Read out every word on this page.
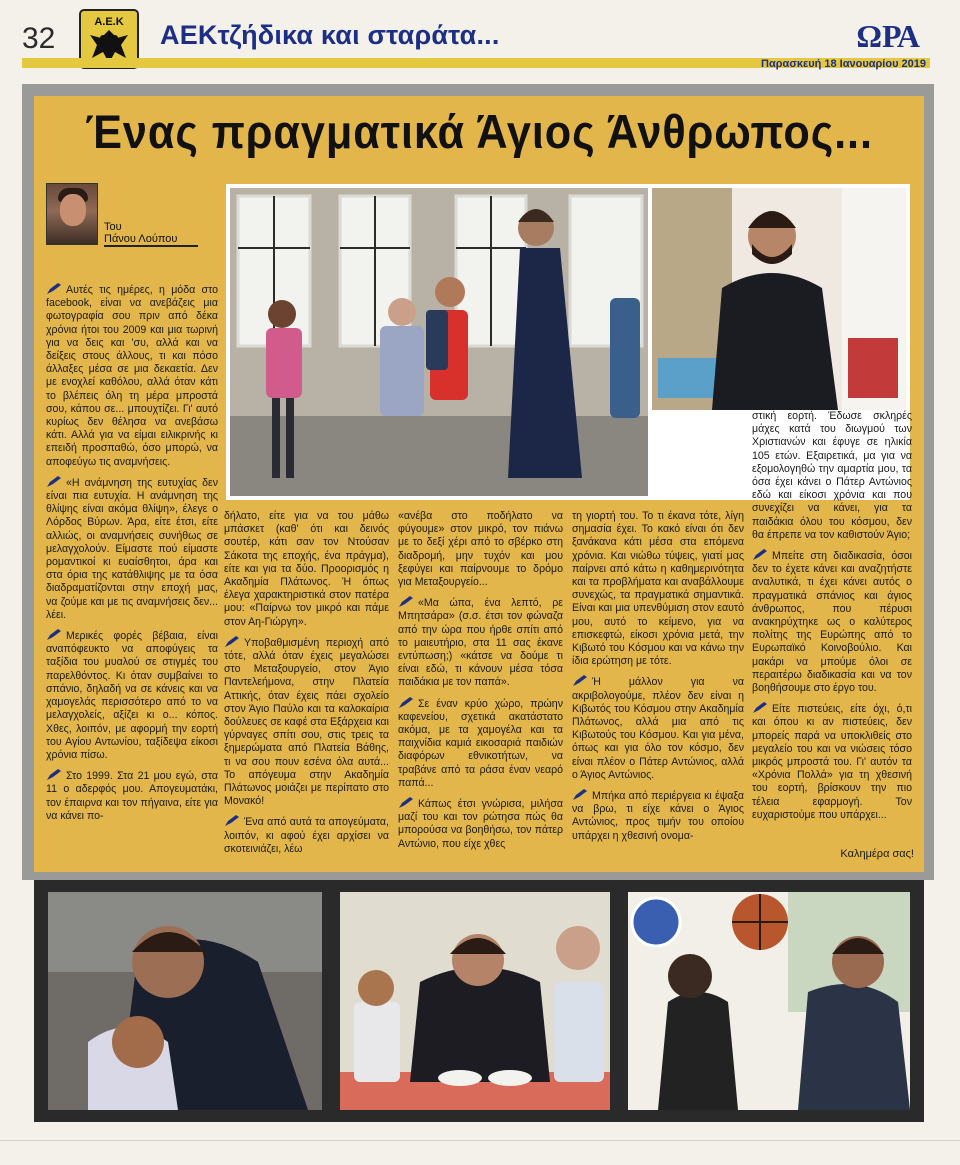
32	Α.Ε.Κ ΑΕΚτζήδικα και σταράτα...	ΩΡΑ
Παρασκευή 18 Ιανουαρίου 2019
Ένας πραγματικά Άγιος Άνθρωπος...
Του
Πάνου Λούπου

Αυτές τις ημέρες, η μόδα στο facebook, είναι να ανεβάζεις μια φωτογραφία σου πριν από δέκα χρόνια ήτοι του 2009 και μια τωρινή για να δεις και 'συ, αλλά και να δείξεις στους άλλους, τι και πόσο άλλαξες μέσα σε μια δεκαετία. Δεν με ενοχλεί καθόλου, αλλά όταν κάτι το βλέπεις όλη τη μέρα μπροστά σου, κάπου σε... μπουχτίζει. Γι' αυτό κυρίως δεν θέλησα να ανεβάσω κάτι. Αλλά για να είμαι ειλικρινής κι επειδή προσπαθώ, όσο μπορώ, να αποφεύγω τις αναμνήσεις.

«Η ανάμνηση της ευτυχίας δεν είναι πια ευτυχία. Η ανάμνηση της θλίψης είναι ακόμα θλίψη», έλεγε ο Λόρδος Βύρων. Άρα, είτε έτσι, είτε αλλιώς, οι αναμνήσεις συνήθως σε μελαγχολούν. Είμαστε πού είμαστε ρομαντικοί κι ευαίσθητοι, άρα και στα όρια της κατάθλιψης με τα όσα διαδραματίζονται στην εποχή μας, να ζούμε και με τις αναμνήσεις δεν... λέει.

Μερικές φορές βέβαια, είναι αναπόφευκτο να αποφύγεις τα ταξίδια του μυαλού σε στιγμές του παρελθόντος. Κι όταν συμβαίνει το σπάνιο, δηλαδή να σε κάνεις και να χαμογελάς περισσότερο από το να μελαγχολείς, αξίζει κι ο... κόπος. Χθες, λοιπόν, με αφορμή την εορτή του Αγίου Αντωνίου, ταξίδεψα είκοσι χρόνια πίσω.

Στο 1999. Στα 21 μου εγώ, στα 11 ο αδερφός μου. Απογευματάκι, τον έπαιρνα και τον πήγαινα, είτε για να κάνει πο-

δήλατο, είτε για να του μάθω μπάσκετ (καθ' ότι και δεινός σουτέρ, κάτι σαν τον Ντούσαν Σάκοτα της εποχής, ένα πράγμα), είτε και για τα δύο. Προορισμός η Ακαδημία Πλάτωνος. Ή όπως έλεγα χαρακτηριστικά στον πατέρα μου: «Παίρνω τον μικρό και πάμε στον Αη-Γιώργη».

Υποβαθμισμένη περιοχή από τότε, αλλά όταν έχεις μεγαλώσει στο Μεταξουργείο, στον Άγιο Παντελεήμονα, στην Πλατεία Αττικής, όταν έχεις πάει σχολείο στον Άγιο Παύλο και τα καλοκαίρια δούλευες σε καφέ στα Εξάρχεια και γύρναγες σπίτι σου, στις τρεις τα ξημερώματα από Πλατεία Βάθης, τι να σου πουν εσένα όλα αυτά... Το απόγευμα στην Ακαδημία Πλάτωνος μοιάζει με περίπατο στο Μονακό!

Ένα από αυτά τα απογεύματα, λοιπόν, κι αφού έχει αρχίσει να σκοτεινιάζει, λέω

«ανέβα στο ποδήλατο να φύγουμε» στον μικρό, τον πιάνω με το δεξί χέρι από το σβέρκο στη διαδρομή, μην τυχόν και μου ξεφύγει και παίρνουμε το δρόμο για Μεταξουργείο...

«Μα ώπα, ένα λεπτό, ρε Μπητσάρα» (σ.σ. έτσι τον φώναζα από την ώρα που ήρθε σπίτι από το μαιευτήριο, στα 11 σας έκανε εντύπωση;) «κάτσε να δούμε τι είναι εδώ, τι κάνουν μέσα τόσα παιδάκια με τον παπά».

Σε έναν κρύο χώρο, πρώην καφενείου, σχετικά ακατάστατο ακόμα, με τα χαμογέλα και τα παιχνίδια καμιά εικοσαριά παιδιών διαφόρων εθνικοτήτων, να τραβάνε από τα ράσα έναν νεαρό παπά...

Κάπως έτσι γνώρισα, μιλήσα μαζί του και τον ρώτησα πώς θα μπορούσα να βοηθήσω, τον πάτερ Αντώνιο, που είχε χθες

τη γιορτή του. Το τι έκανα τότε, λίγη σημασία έχει. Το κακό είναι ότι δεν ξανάκανα κάτι μέσα στα επόμενα χρόνια. Και νιώθω τύψεις, γιατί μας παίρνει από κάτω η καθημερινότητα και τα προβλήματα και αναβάλλουμε συνεχώς, τα πραγματικά σημαντικά. Είναι και μια υπενθύμιση στον εαυτό μου, αυτό το κείμενο, για να επισκεφτώ, είκοσι χρόνια μετά, την Κιβωτό του Κόσμου και να κάνω την ίδια ερώτηση με τότε.

Ή μάλλον για να ακριβολογούμε, πλέον δεν είναι η Κιβωτός του Κόσμου στην Ακαδημία Πλάτωνος, αλλά μια από τις Κιβωτούς του Κόσμου. Και για μένα, όπως και για όλο τον κόσμο, δεν είναι πλέον ο Πάτερ Αντώνιος, αλλά ο Άγιος Αντώνιος.

Μπήκα από περιέργεια κι έψαξα να βρω, τι είχε κάνει ο Άγιος Αντώνιος, προς τιμήν του οποίου υπάρχει η χθεσινή ονομα-

στική εορτή. Έδωσε σκληρές μάχες κατά του διωγμού των Χριστιανών και έφυγε σε ηλικία 105 ετών. Εξαιρετικά, μα για να εξομολογηθώ την αμαρτία μου, τα όσα έχει κάνει ο Πάτερ Αντώνιος εδώ και είκοσι χρόνια και που συνεχίζει να κάνει, για τα παιδάκια όλου του κόσμου, δεν θα έπρεπε να τον καθιστούν Άγιο;

Μπείτε στη διαδικασία, όσοι δεν το έχετε κάνει και αναζητήστε αναλυτικά, τι έχει κάνει αυτός ο πραγματικά σπάνιος και άγιος άνθρωπος, που πέρυσι ανακηρύχτηκε ως ο καλύτερος πολίτης της Ευρώπης από το Ευρωπαϊκό Κοινοβούλιο. Και μακάρι να μπούμε όλοι σε περαιτέρω διαδικασία και να τον βοηθήσουμε στο έργο του.

Είτε πιστεύεις, είτε όχι, ό,τι και όπου κι αν πιστεύεις, δεν μπορείς παρά να υποκλιθείς στο μεγαλείο του και να νιώσεις τόσο μικρός μπροστά του. Γι' αυτόν τα «Χρόνια Πολλά» για τη χθεσινή του εορτή, βρίσκουν την πιο τέλεια εφαρμογή. Τον ευχαριστούμε που υπάρχει...

Καλημέρα σας!
